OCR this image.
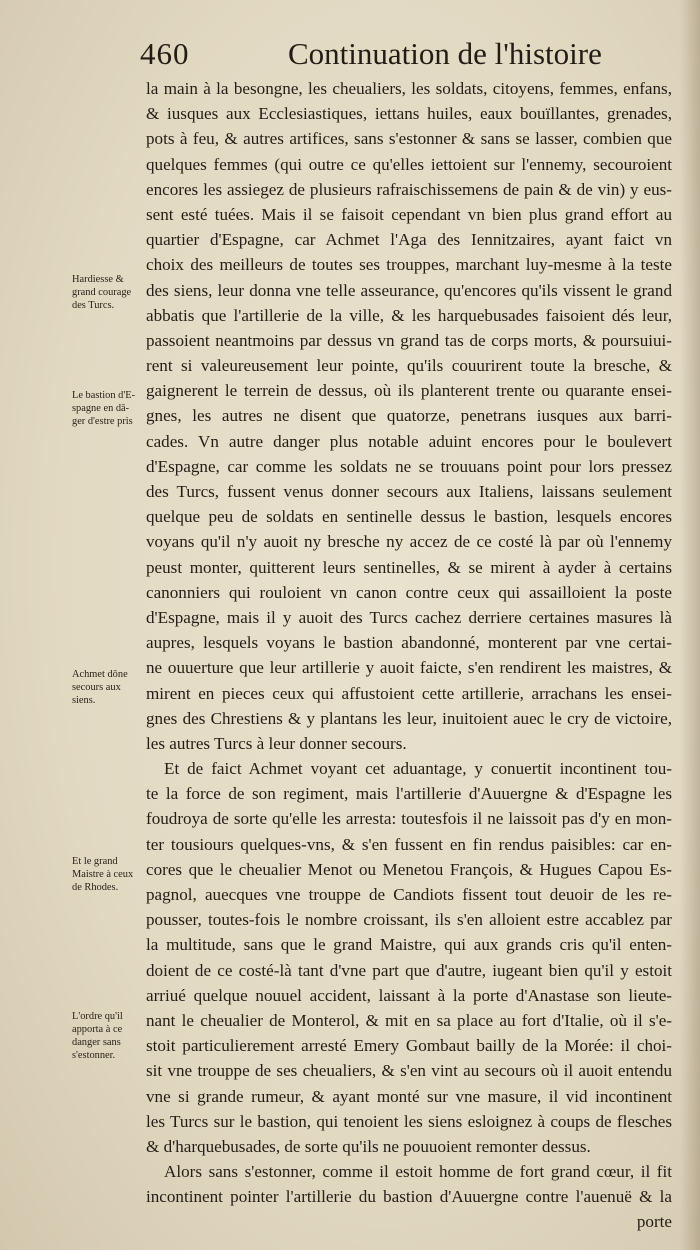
460	Continuation de l'histoire
Hardiesse &
grand courage
des Turcs.
Le bastion d'E-
spagne en dā-
ger d'estre pris
Achmet dōne
secours aux
siens.
Et le grand
Maistre à ceux
de Rhodes.
L'ordre qu'il
apporta à ce
danger sans
s'estonner.
la main à la besongne, les cheualiers, les soldats, citoyens, femmes, enfans,
& iusques aux Ecclesiastiques, iettans huiles, eaux bouïllantes, grenades,
pots à feu, & autres artifices, sans s'estonner & sans se lasser, combien que
quelques femmes (qui outre ce qu'elles iettoient sur l'ennemy, secouroient
encores les assiegez de plusieurs rafraischissemens de pain & de vin) y eus-
sent esté tuées. Mais il se faisoit cependant vn bien plus grand effort au
quartier d'Espagne, car Achmet l'Aga des Iennitzaires, ayant faict vn
choix des meilleurs de toutes ses trouppes, marchant luy-mesme à la teste
des siens, leur donna vne telle asseurance, qu'encores qu'ils vissent le grand
abbatis que l'artillerie de la ville, & les harquebusades faisoient dés leur,
passoient neantmoins par dessus vn grand tas de corps morts, & poursuiui-
rent si valeureusement leur pointe, qu'ils couurirent toute la bresche, &
gaignerent le terrein de dessus, où ils planterent trente ou quarante ensei-
gnes, les autres ne disent que quatorze, penetrans iusques aux barri-
cades. Vn autre danger plus notable aduint encores pour le boulevert
d'Espagne, car comme les soldats ne se trouuans point pour lors pressez
des Turcs, fussent venus donner secours aux Italiens, laissans seulement
quelque peu de soldats en sentinelle dessus le bastion, lesquels encores
voyans qu'il n'y auoit ny bresche ny accez de ce costé là par où l'ennemy
peust monter, quitterent leurs sentinelles, & se mirent à ayder à certains
canonniers qui rouloient vn canon contre ceux qui assailloient la poste
d'Espagne, mais il y auoit des Turcs cachez derriere certaines masures là
aupres, lesquels voyans le bastion abandonné, monterent par vne certai-
ne ouuerture que leur artillerie y auoit faicte, s'en rendirent les maistres, &
mirent en pieces ceux qui affustoient cette artillerie, arrachans les ensei-
gnes des Chrestiens & y plantans les leur, inuitoient auec le cry de victoire,
les autres Turcs à leur donner secours.
Et de faict Achmet voyant cet aduantage, y conuertit incontinent tou-
te la force de son regiment, mais l'artillerie d'Auuergne & d'Espagne les
foudroya de sorte qu'elle les arresta: toutesfois il ne laissoit pas d'y en mon-
ter tousiours quelques-vns, & s'en fussent en fin rendus paisibles: car en-
cores que le cheualier Menot ou Menetou François, & Hugues Capou Es-
pagnol, auecques vne trouppe de Candiots fissent tout deuoir de les re-
pousser, toutes-fois le nombre croissant, ils s'en alloient estre accablez par
la multitude, sans que le grand Maistre, qui aux grands cris qu'il enten-
doient de ce costé-là tant d'vne part que d'autre, iugeant bien qu'il y estoit
arriué quelque nouuel accident, laissant à la porte d'Anastase son lieute-
nant le cheualier de Monterol, & mit en sa place au fort d'Italie, où il s'e-
stoit particulierement arresté Emery Gombaut bailly de la Morée: il choi-
sit vne trouppe de ses cheualiers, & s'en vint au secours où il auoit entendu
vne si grande rumeur, & ayant monté sur vne masure, il vid incontinent
les Turcs sur le bastion, qui tenoient les siens esloignez à coups de flesches
& d'harquebusades, de sorte qu'ils ne pouuoient remonter dessus.
Alors sans s'estonner, comme il estoit homme de fort grand cœur, il fit
incontinent pointer l'artillerie du bastion d'Auuergne contre l'auenuë & la
porte
